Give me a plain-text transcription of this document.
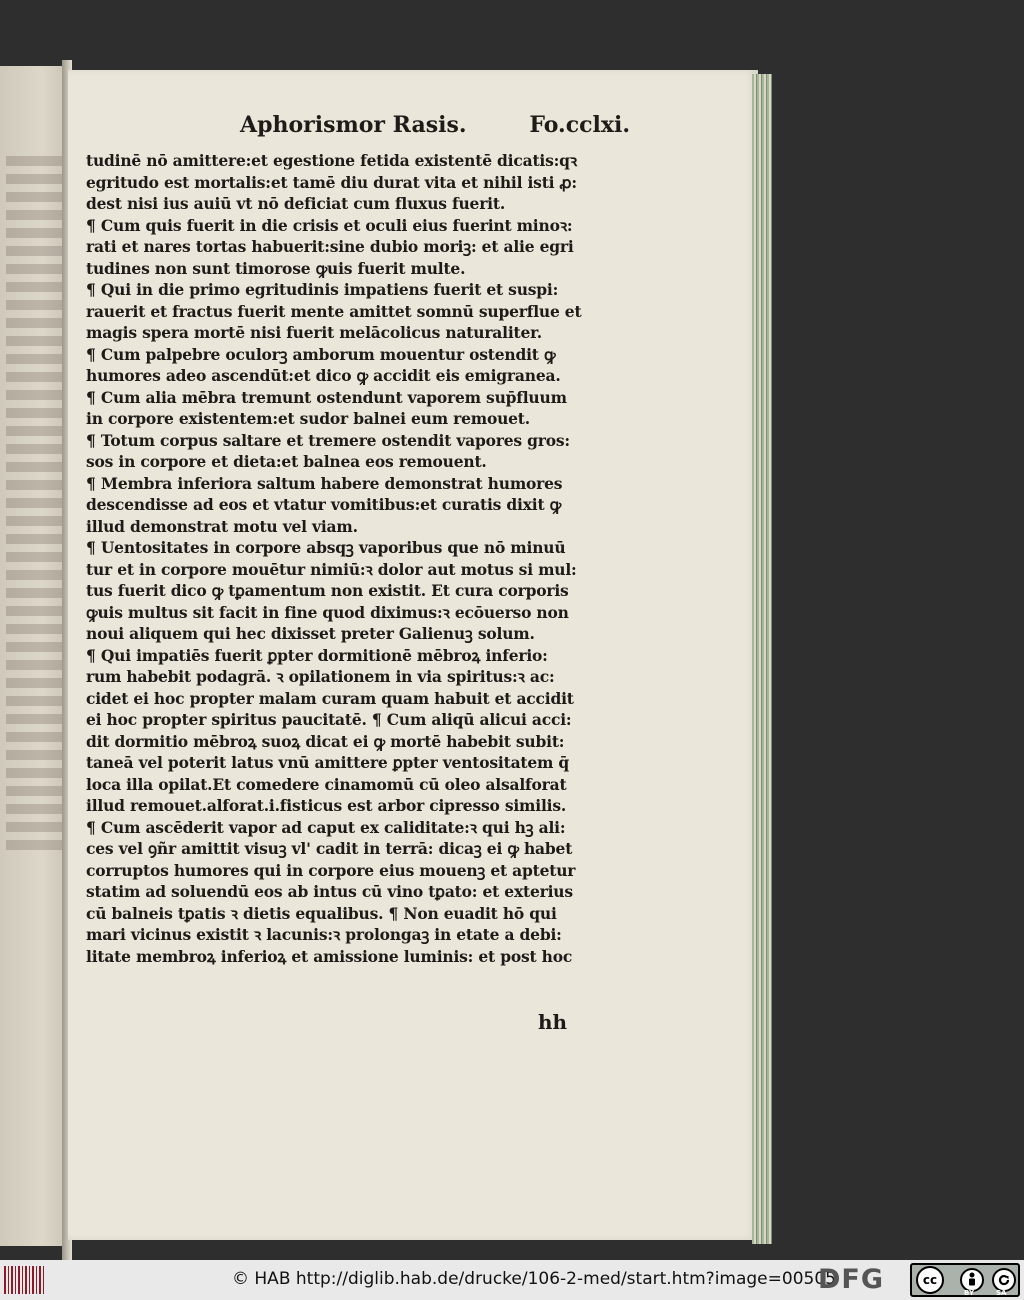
Aphorismor Rasis.	Fo.cclxi.
tudinē nō amittere:et egestione fetida existentē dicatis:qꝛ
egritudo est mortalis:et tamē diu durat vita et nihil isti ꝓ:
dest nisi ius auiū vt nō deficiat cum fluxus fuerit.
¶ Cum quis fuerit in die crisis et oculi eius fuerint minoꝛ:
rati et nares tortas habuerit:sine dubio moriꝫ: et alie egri
tudines non sunt timorose ꝙuis fuerit multe.
¶ Qui in die primo egritudinis impatiens fuerit et suspi:
rauerit et fractus fuerit mente amittet somnū superflue et
magis spera mortē nisi fuerit melācolicus naturaliter.
¶ Cum palpebre oculorꝫ amborum mouentur ostendit ꝙ
humores adeo ascendūt:et dico ꝙ accidit eis emigranea.
¶ Cum alia mēbra tremunt ostendunt vaporem sup̄fluum
in corpore existentem:et sudor balnei eum remouet.
¶ Totum corpus saltare et tremere ostendit vapores gros:
sos in corpore et dieta:et balnea eos remouent.
¶ Membra inferiora saltum habere demonstrat humores
descendisse ad eos et vtatur vomitibus:et curatis dixit ꝙ
illud demonstrat motu vel viam.
¶ Uentositates in corpore absqꝫ vaporibus que nō minuū
tur et in corpore mouētur nimiū:ꝛ dolor aut motus si mul:
tus fuerit dico ꝙ tꝑamentum non existit. Et cura corporis
ꝙuis multus sit facit in fine quod diximus:ꝛ ecōuerso non
noui aliquem qui hec dixisset preter Galienuꝫ solum.
¶ Qui impatiēs fuerit ꝑpter dormitionē mēbroꝝ inferio:
rum habebit podagrā. ꝛ opilationem in via spiritus:ꝛ ac:
cidet ei hoc propter malam curam quam habuit et accidit
ei hoc propter spiritus paucitatē. ¶ Cum aliqū alicui acci:
dit dormitio mēbroꝝ suoꝝ dicat ei ꝙ mortē habebit subit:
taneā vel poterit latus vnū amittere ꝑpter ventositatem q̄
loca illa opilat.Et comedere cinamomū cū oleo alsalforat
illud remouet.alforat.i.fisticus est arbor cipresso similis.
¶ Cum ascēderit vapor ad caput ex caliditate:ꝛ qui hꝫ ali:
ces vel ꝯñr amittit visuꝫ vl' cadit in terrā: dicaꝫ ei ꝙ habet
corruptos humores qui in corpore eius mouenꝫ et aptetur
statim ad soluendū eos ab intus cū vino tꝑato: et exterius
cū balneis tꝑatis ꝛ dietis equalibus. ¶ Non euadit hō qui
mari vicinus existit ꝛ lacunis:ꝛ prolongaꝫ in etate a debi:
litate membroꝝ inferioꝝ et amissione luminis: et post hoc
hh
© HAB http://diglib.hab.de/drucke/106-2-med/start.htm?image=00505
DFG	cc
BY	SA
